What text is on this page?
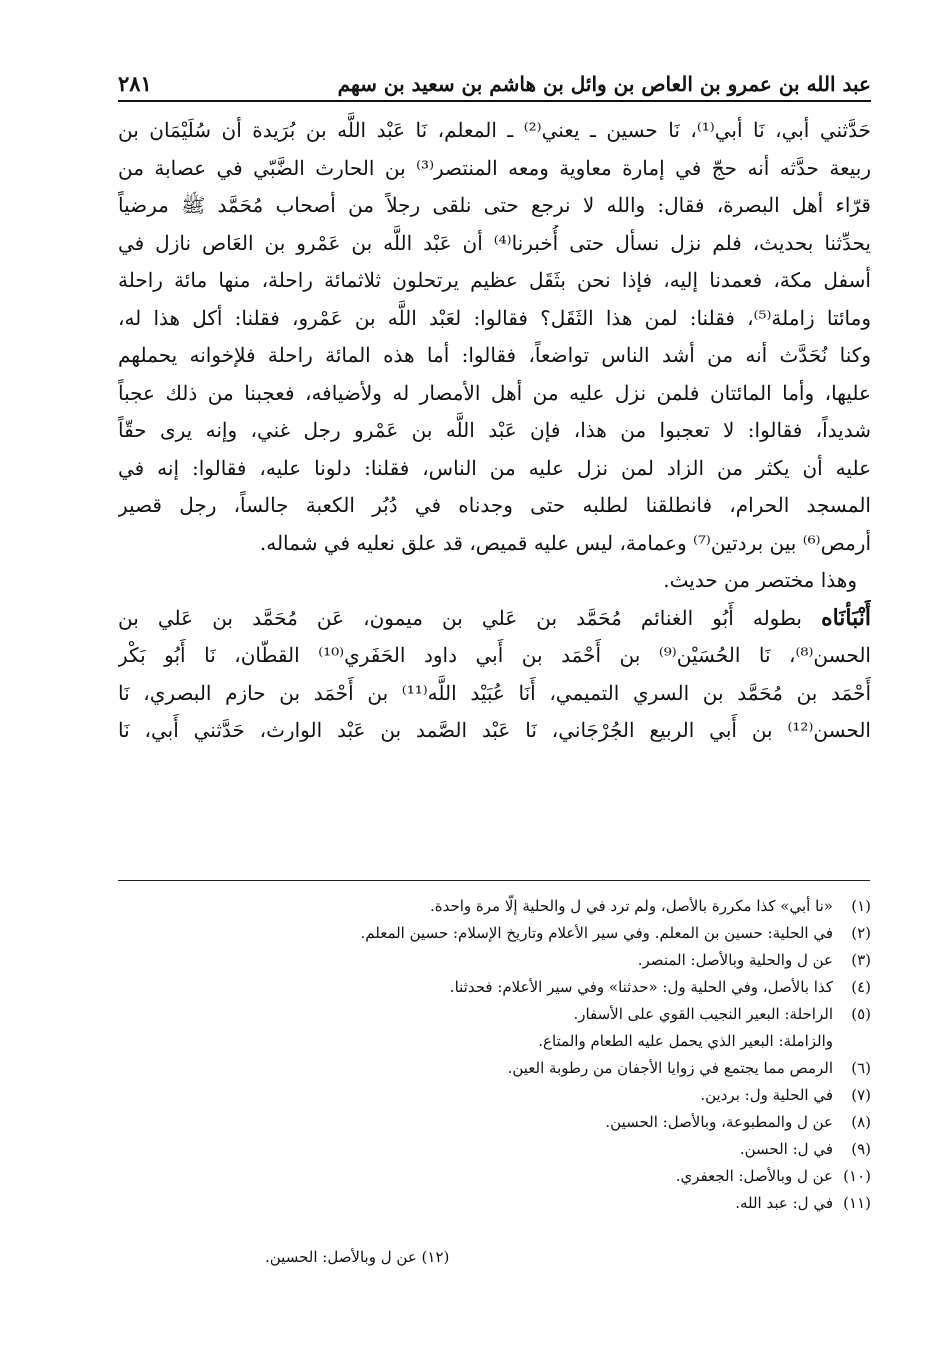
عبد الله بن عمرو بن العاص بن وائل بن هاشم بن سعيد بن سهم
٢٨١
حَدَّثني أبي، نَا أبي⁽¹⁾، نَا حسين ـ يعني⁽²⁾ ـ المعلم، نَا عَبْد اللَّه بن بُرَيدة أن سُلَيْمَان بن
ربيعة حدَّثه أنه حجّ في إمارة معاوية ومعه المنتصر⁽³⁾ بن الحارث الضَّبّي في عصابة من
قرّاء أهل البصرة، فقال: والله لا نرجع حتى نلقى رجلاً من أصحاب مُحَمَّد ﷺ مرضياً
يحدِّثنا بحديث، فلم نزل نسأل حتى أُخبرنا⁽⁴⁾ أن عَبْد اللَّه بن عَمْرو بن العَاص نازل في
أسفل مكة، فعمدنا إليه، فإذا نحن بثَقَل عظيم يرتحلون ثلاثمائة راحلة، منها مائة راحلة
ومائتا زاملة⁽⁵⁾، فقلنا: لمن هذا الثَقَل؟ فقالوا: لعَبْد اللَّه بن عَمْرو، فقلنا: أكل هذا له،
وكنا نُحَدَّث أنه من أشد الناس تواضعاً، فقالوا: أما هذه المائة راحلة فلإخوانه يحملهم
عليها، وأما المائتان فلمن نزل عليه من أهل الأمصار له ولأضيافه، فعجبنا من ذلك عجباً
شديداً، فقالوا: لا تعجبوا من هذا، فإن عَبْد اللَّه بن عَمْرو رجل غني، وإنه يرى حقّاً
عليه أن يكثر من الزاد لمن نزل عليه من الناس، فقلنا: دلونا عليه، فقالوا: إنه في
المسجد الحرام، فانطلقنا لطلبه حتى وجدناه في دُبُر الكعبة جالساً، رجل قصير
أرمص⁽⁶⁾ بين بردتين⁽⁷⁾ وعمامة، ليس عليه قميص، قد علق نعليه في شماله.
وهذا مختصر من حديث.
أَنْبَأنَاه بطوله أَبُو الغنائم مُحَمَّد بن عَلي بن ميمون، عَن مُحَمَّد بن عَلي بن
الحسن⁽⁸⁾، نَا الحُسَيْن⁽⁹⁾ بن أَحْمَد بن أَبي داود الحَفَري⁽¹⁰⁾ القطّان، نَا أَبُو بَكْر
أَحْمَد بن مُحَمَّد بن السري التميمي، أَنَا عُبَيْد اللَّه⁽¹¹⁾ بن أَحْمَد بن حازم البصري، نَا
الحسن⁽¹²⁾ بن أَبي الربيع الجُرْجَاني، نَا عَبْد الصَّمد بن عَبْد الوارث، حَدَّثني أَبي، نَا
(١)
«نا أبي» كذا مكررة بالأصل، ولم ترد في ل والحلية إلّا مرة واحدة.
(٢)
في الحلية: حسين بن المعلم. وفي سير الأعلام وتاريخ الإسلام: حسين المعلم.
(٣)
عن ل والحلية وبالأصل: المنصر.
(٤)
كذا بالأصل، وفي الحلية ول: «حدثنا» وفي سير الأعلام: فحدثنا.
(٥)
الراحلة: البعير النجيب القوي على الأسفار.
والزاملة: البعير الذي يحمل عليه الطعام والمتاع.
(٦)
الرمص مما يجتمع في زوايا الأجفان من رطوبة العين.
(٧)
في الحلية ول: بردين.
(٨)
عن ل والمطبوعة، وبالأصل: الحسين.
(٩)
في ل: الحسن.
(١٠)
عن ل وبالأصل: الجعفري.
(١١)
في ل: عبد الله.
(١٢) عن ل وبالأصل: الحسين.
